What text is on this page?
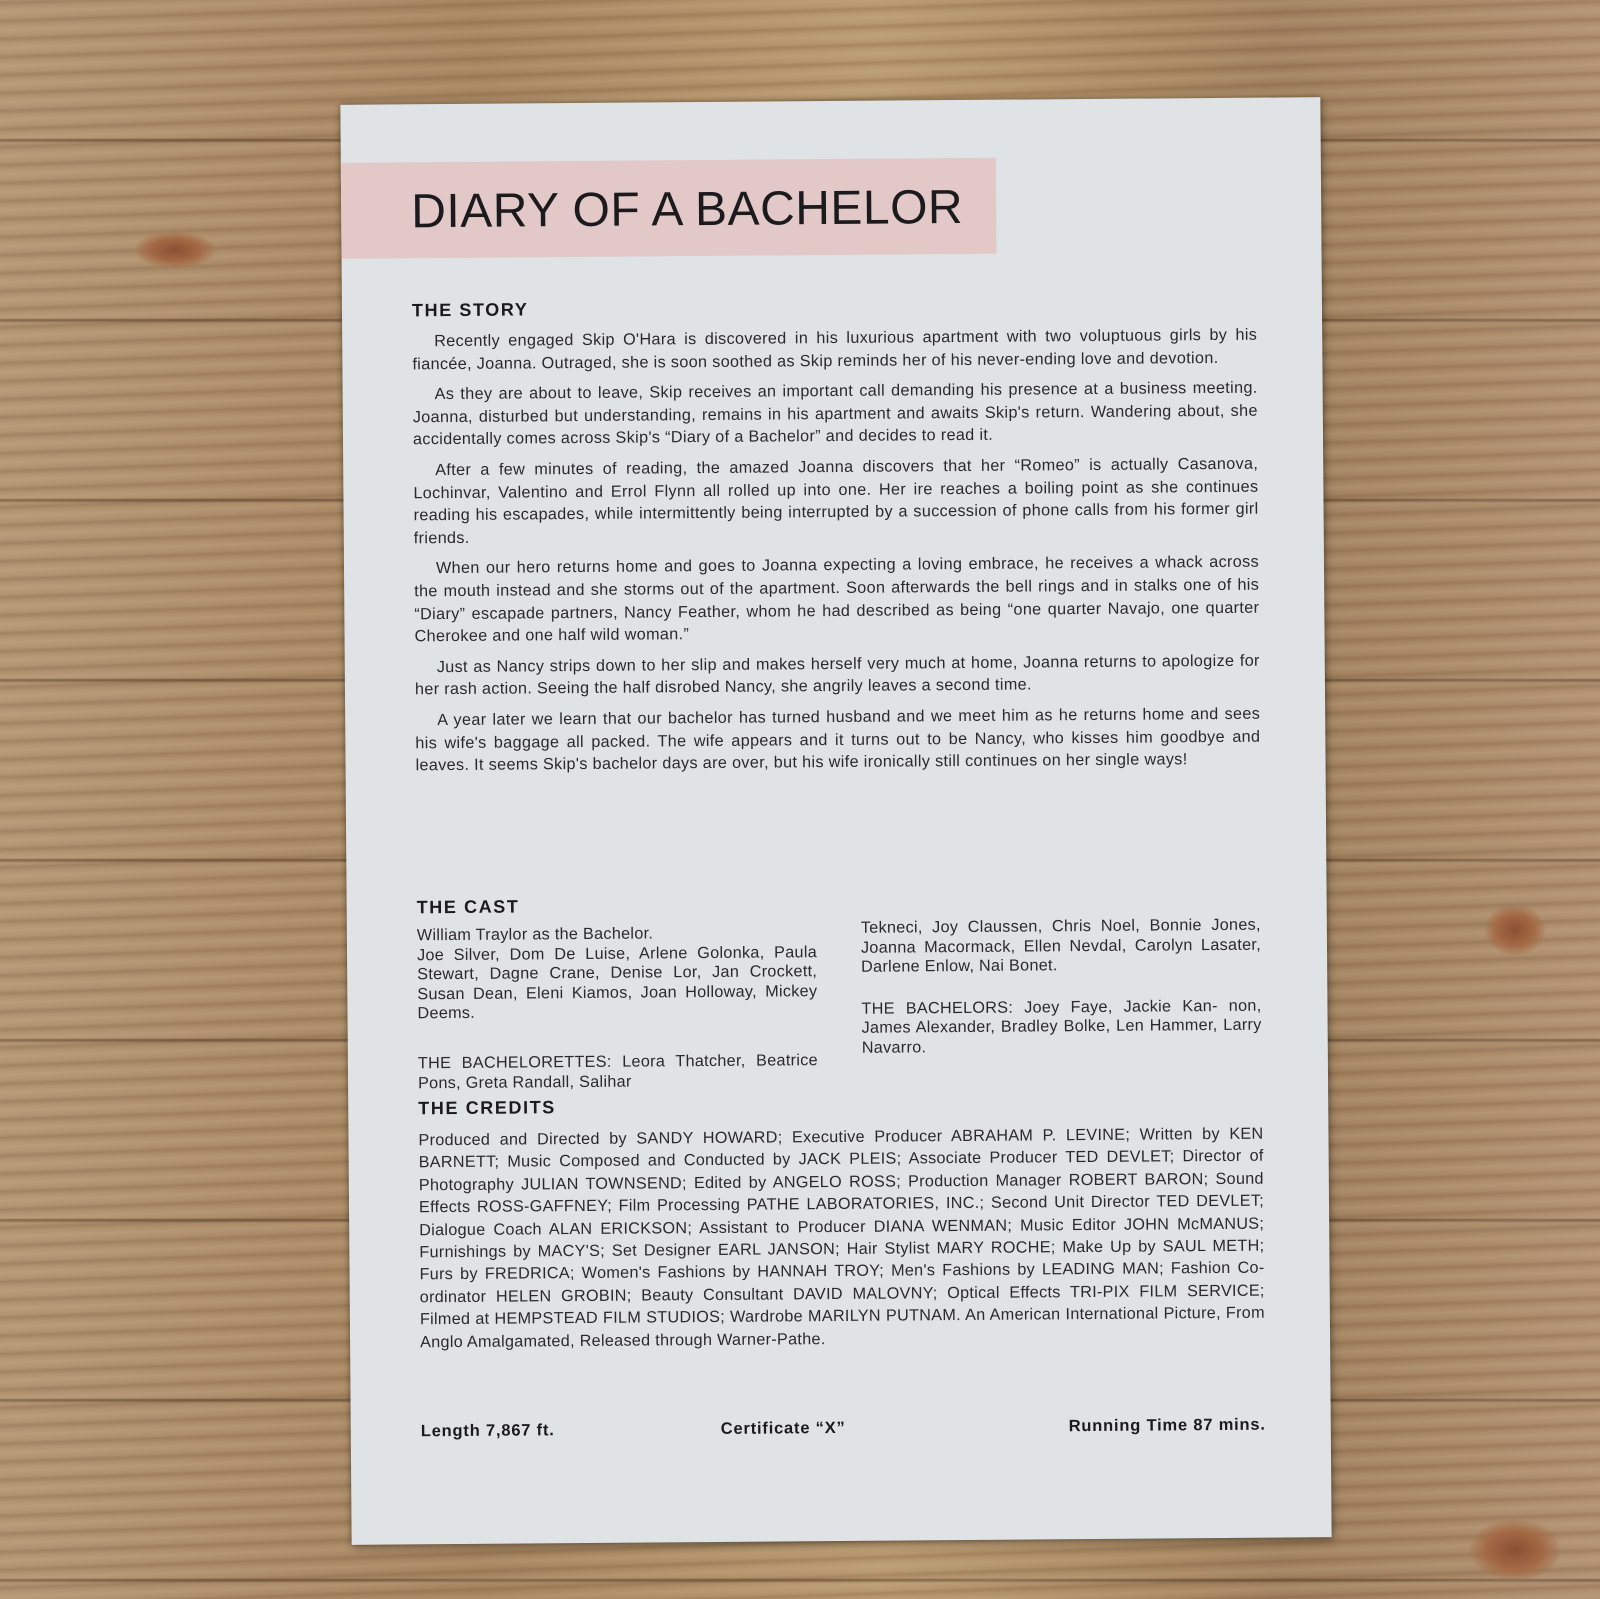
DIARY OF A BACHELOR
THE STORY

Recently engaged Skip O'Hara is discovered in his luxurious apartment with two voluptuous girls by his fiancée, Joanna. Outraged, she is soon soothed as Skip reminds her of his never-ending love and devotion.

As they are about to leave, Skip receives an important call demanding his presence at a business meeting. Joanna, disturbed but understanding, remains in his apartment and awaits Skip's return. Wandering about, she accidentally comes across Skip's “Diary of a Bachelor” and decides to read it.

After a few minutes of reading, the amazed Joanna discovers that her “Romeo” is actually Casanova, Lochinvar, Valentino and Errol Flynn all rolled up into one. Her ire reaches a boiling point as she continues reading his escapades, while intermittently being interrupted by a succession of phone calls from his former girl friends.

When our hero returns home and goes to Joanna expecting a loving embrace, he receives a whack across the mouth instead and she storms out of the apartment. Soon afterwards the bell rings and in stalks one of his “Diary” escapade partners, Nancy Feather, whom he had described as being “one quarter Navajo, one quarter Cherokee and one half wild woman.”

Just as Nancy strips down to her slip and makes herself very much at home, Joanna returns to apologize for her rash action. Seeing the half disrobed Nancy, she angrily leaves a second time.

A year later we learn that our bachelor has turned husband and we meet him as he returns home and sees his wife's baggage all packed. The wife appears and it turns out to be Nancy, who kisses him goodbye and leaves. It seems Skip's bachelor days are over, but his wife ironically still continues on her single ways!

THE CAST

William Traylor as the Bachelor.

Joe Silver, Dom De Luise, Arlene Golonka, Paula Stewart, Dagne Crane, Denise Lor, Jan Crockett, Susan Dean, Eleni Kiamos, Joan Holloway, Mickey Deems.

THE BACHELORETTES: Leora Thatcher, Beatrice Pons, Greta Randall, Salihar

Tekneci, Joy Claussen, Chris Noel, Bonnie Jones, Joanna Macormack, Ellen Nevdal, Carolyn Lasater, Darlene Enlow, Nai Bonet.

THE BACHELORS: Joey Faye, Jackie Kan- non, James Alexander, Bradley Bolke, Len Hammer, Larry Navarro.

THE CREDITS

Produced and Directed by SANDY HOWARD; Executive Producer ABRAHAM P. LEVINE; Written by KEN BARNETT; Music Composed and Conducted by JACK PLEIS; Associate Producer TED DEVLET; Director of Photography JULIAN TOWNSEND; Edited by ANGELO ROSS; Production Manager ROBERT BARON; Sound Effects ROSS-GAFFNEY; Film Processing PATHE LABORATORIES, INC.; Second Unit Director TED DEVLET; Dialogue Coach ALAN ERICKSON; Assistant to Producer DIANA WENMAN; Music Editor JOHN McMANUS; Furnishings by MACY'S; Set Designer EARL JANSON; Hair Stylist MARY ROCHE; Make Up by SAUL METH; Furs by FREDRICA; Women's Fashions by HANNAH TROY; Men's Fashions by LEADING MAN; Fashion Co-ordinator HELEN GROBIN; Beauty Consultant DAVID MALOVNY; Optical Effects TRI-PIX FILM SERVICE; Filmed at HEMPSTEAD FILM STUDIOS; Wardrobe MARILYN PUTNAM. An American International Picture, From Anglo Amalgamated, Released through Warner-Pathe.

Length 7,867 ft.	Certificate “X”	Running Time 87 mins.
